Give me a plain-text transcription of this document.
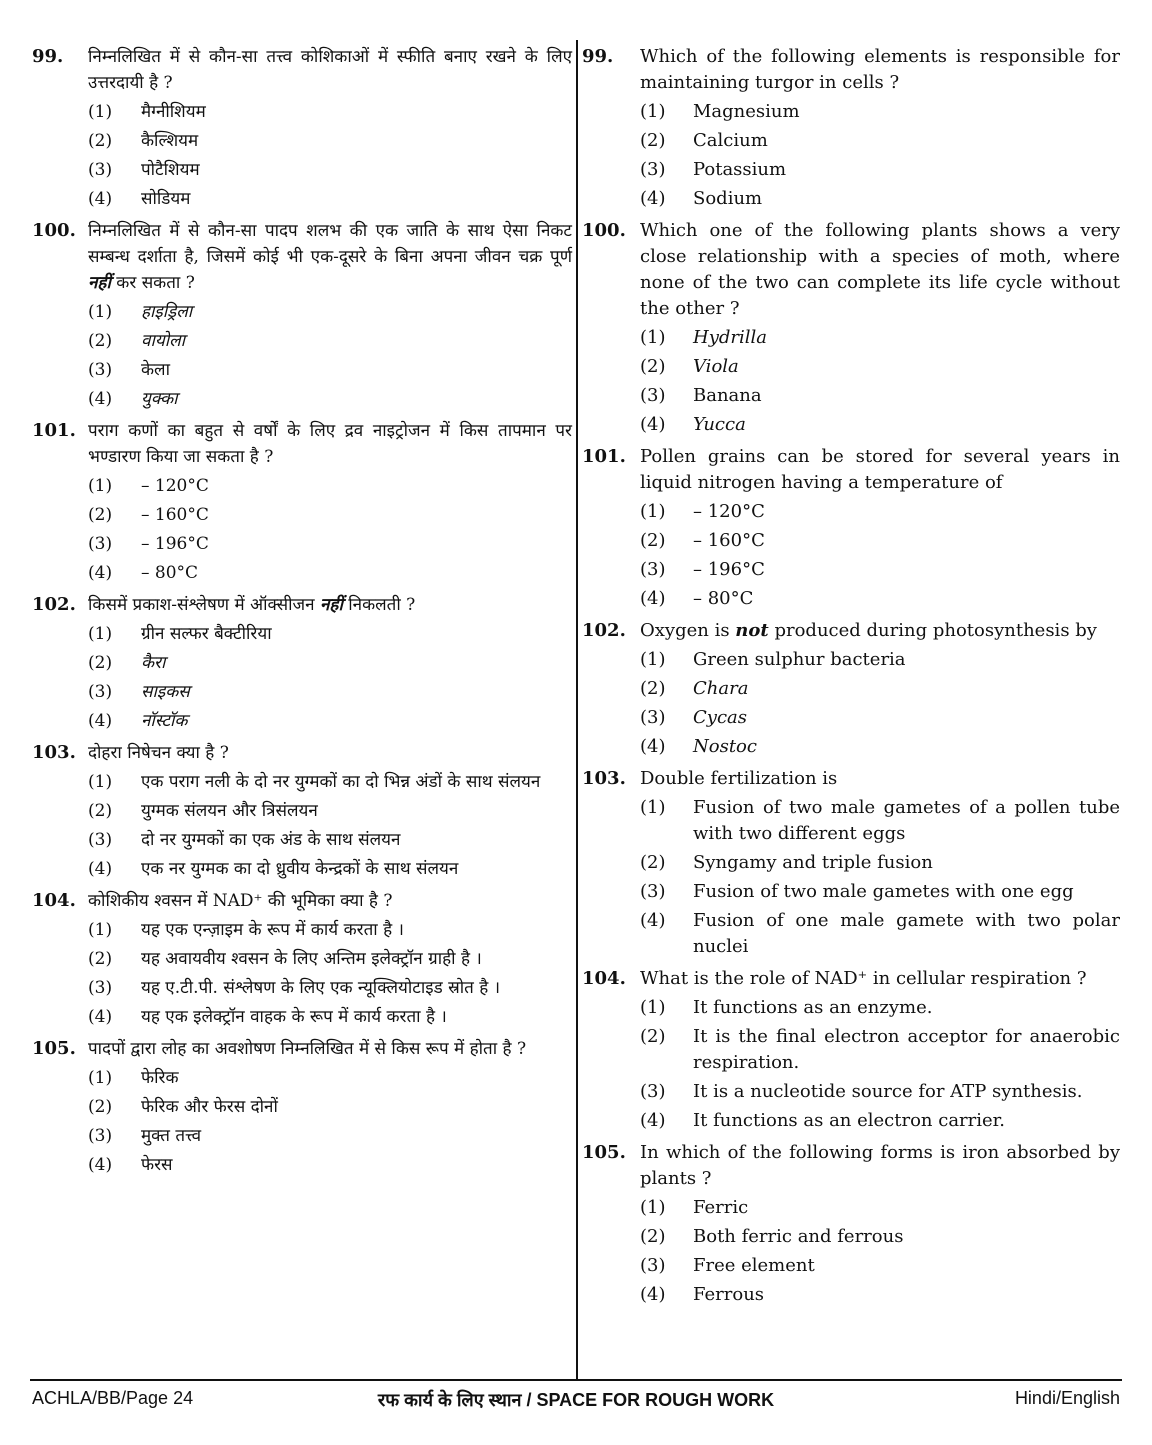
99. निम्नलिखित में से कौन-सा तत्त्व कोशिकाओं में स्फीति बनाए रखने के लिए उत्तरदायी है ?
(1) मैग्नीशियम
(2) कैल्शियम
(3) पोटैशियम
(4) सोडियम
100. निम्नलिखित में से कौन-सा पादप शलभ की एक जाति के साथ ऐसा निकट सम्बन्ध दर्शाता है, जिसमें कोई भी एक-दूसरे के बिना अपना जीवन चक्र पूर्ण नहीं कर सकता ?
(1) हाइड्रिला
(2) वायोला
(3) केला
(4) युक्का
101. पराग कणों का बहुत से वर्षों के लिए द्रव नाइट्रोजन में किस तापमान पर भण्डारण किया जा सकता है ?
(1) – 120°C
(2) – 160°C
(3) – 196°C
(4) – 80°C
102. किसमें प्रकाश-संश्लेषण में ऑक्सीजन नहीं निकलती ?
(1) ग्रीन सल्फर बैक्टीरिया
(2) कैरा
(3) साइकस
(4) नॉस्टॉक
103. दोहरा निषेचन क्या है ?
(1) एक पराग नली के दो नर युग्मकों का दो भिन्न अंडों के साथ संलयन
(2) युग्मक संलयन और त्रिसंलयन
(3) दो नर युग्मकों का एक अंड के साथ संलयन
(4) एक नर युग्मक का दो ध्रुवीय केन्द्रकों के साथ संलयन
104. कोशिकीय श्वसन में NAD⁺ की भूमिका क्या है ?
(1) यह एक एन्ज़ाइम के रूप में कार्य करता है ।
(2) यह अवायवीय श्वसन के लिए अन्तिम इलेक्ट्रॉन ग्राही है ।
(3) यह ए.टी.पी. संश्लेषण के लिए एक न्यूक्लियोटाइड स्रोत है ।
(4) यह एक इलेक्ट्रॉन वाहक के रूप में कार्य करता है ।
105. पादपों द्वारा लोह का अवशोषण निम्नलिखित में से किस रूप में होता है ?
(1) फेरिक
(2) फेरिक और फेरस दोनों
(3) मुक्त तत्त्व
(4) फेरस
99. Which of the following elements is responsible for maintaining turgor in cells ?
(1) Magnesium
(2) Calcium
(3) Potassium
(4) Sodium
100. Which one of the following plants shows a very close relationship with a species of moth, where none of the two can complete its life cycle without the other ?
(1) Hydrilla
(2) Viola
(3) Banana
(4) Yucca
101. Pollen grains can be stored for several years in liquid nitrogen having a temperature of
(1) – 120°C
(2) – 160°C
(3) – 196°C
(4) – 80°C
102. Oxygen is not produced during photosynthesis by
(1) Green sulphur bacteria
(2) Chara
(3) Cycas
(4) Nostoc
103. Double fertilization is
(1) Fusion of two male gametes of a pollen tube with two different eggs
(2) Syngamy and triple fusion
(3) Fusion of two male gametes with one egg
(4) Fusion of one male gamete with two polar nuclei
104. What is the role of NAD⁺ in cellular respiration ?
(1) It functions as an enzyme.
(2) It is the final electron acceptor for anaerobic respiration.
(3) It is a nucleotide source for ATP synthesis.
(4) It functions as an electron carrier.
105. In which of the following forms is iron absorbed by plants ?
(1) Ferric
(2) Both ferric and ferrous
(3) Free element
(4) Ferrous
ACHLA/BB/Page 24	रफ कार्य के लिए स्थान / SPACE FOR ROUGH WORK	Hindi/English
